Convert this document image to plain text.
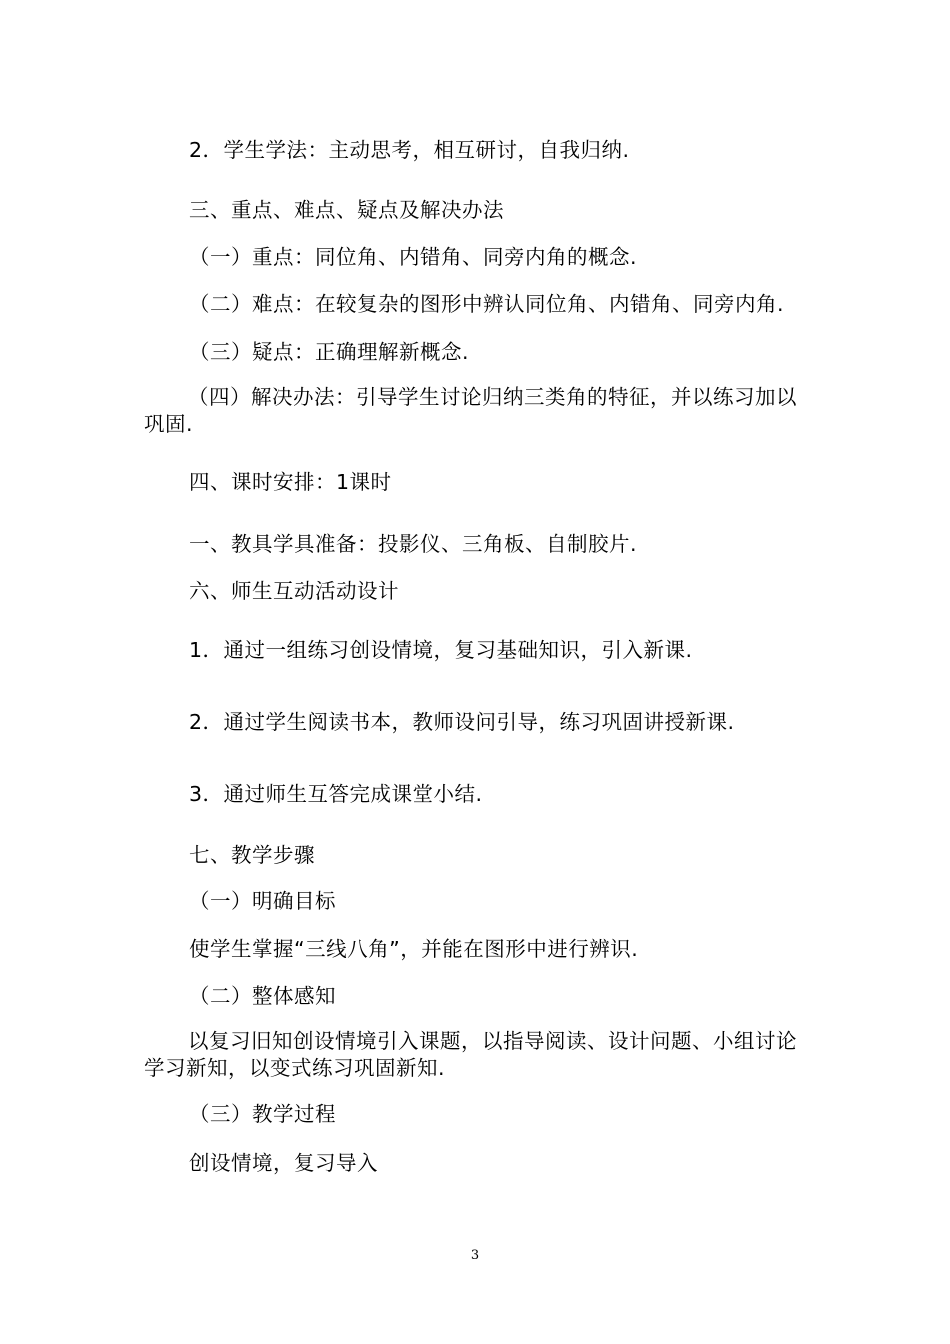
2．学生学法：主动思考，相互研讨，自我归纳.
三、重点、难点、疑点及解决办法
（一）重点：同位角、内错角、同旁内角的概念.
（二）难点：在较复杂的图形中辨认同位角、内错角、同旁内角.
（三）疑点：正确理解新概念.
（四）解决办法：引导学生讨论归纳三类角的特征，并以练习加以巩固.
四、课时安排：1课时
一、教具学具准备：投影仪、三角板、自制胶片.
六、师生互动活动设计
1．通过一组练习创设情境，复习基础知识，引入新课.
2．通过学生阅读书本，教师设问引导，练习巩固讲授新课.
3．通过师生互答完成课堂小结.
七、教学步骤
（一）明确目标
使学生掌握“三线八角”，并能在图形中进行辨识.
（二）整体感知
以复习旧知创设情境引入课题，以指导阅读、设计问题、小组讨论学习新知，以变式练习巩固新知.
（三）教学过程
创设情境，复习导入
3
